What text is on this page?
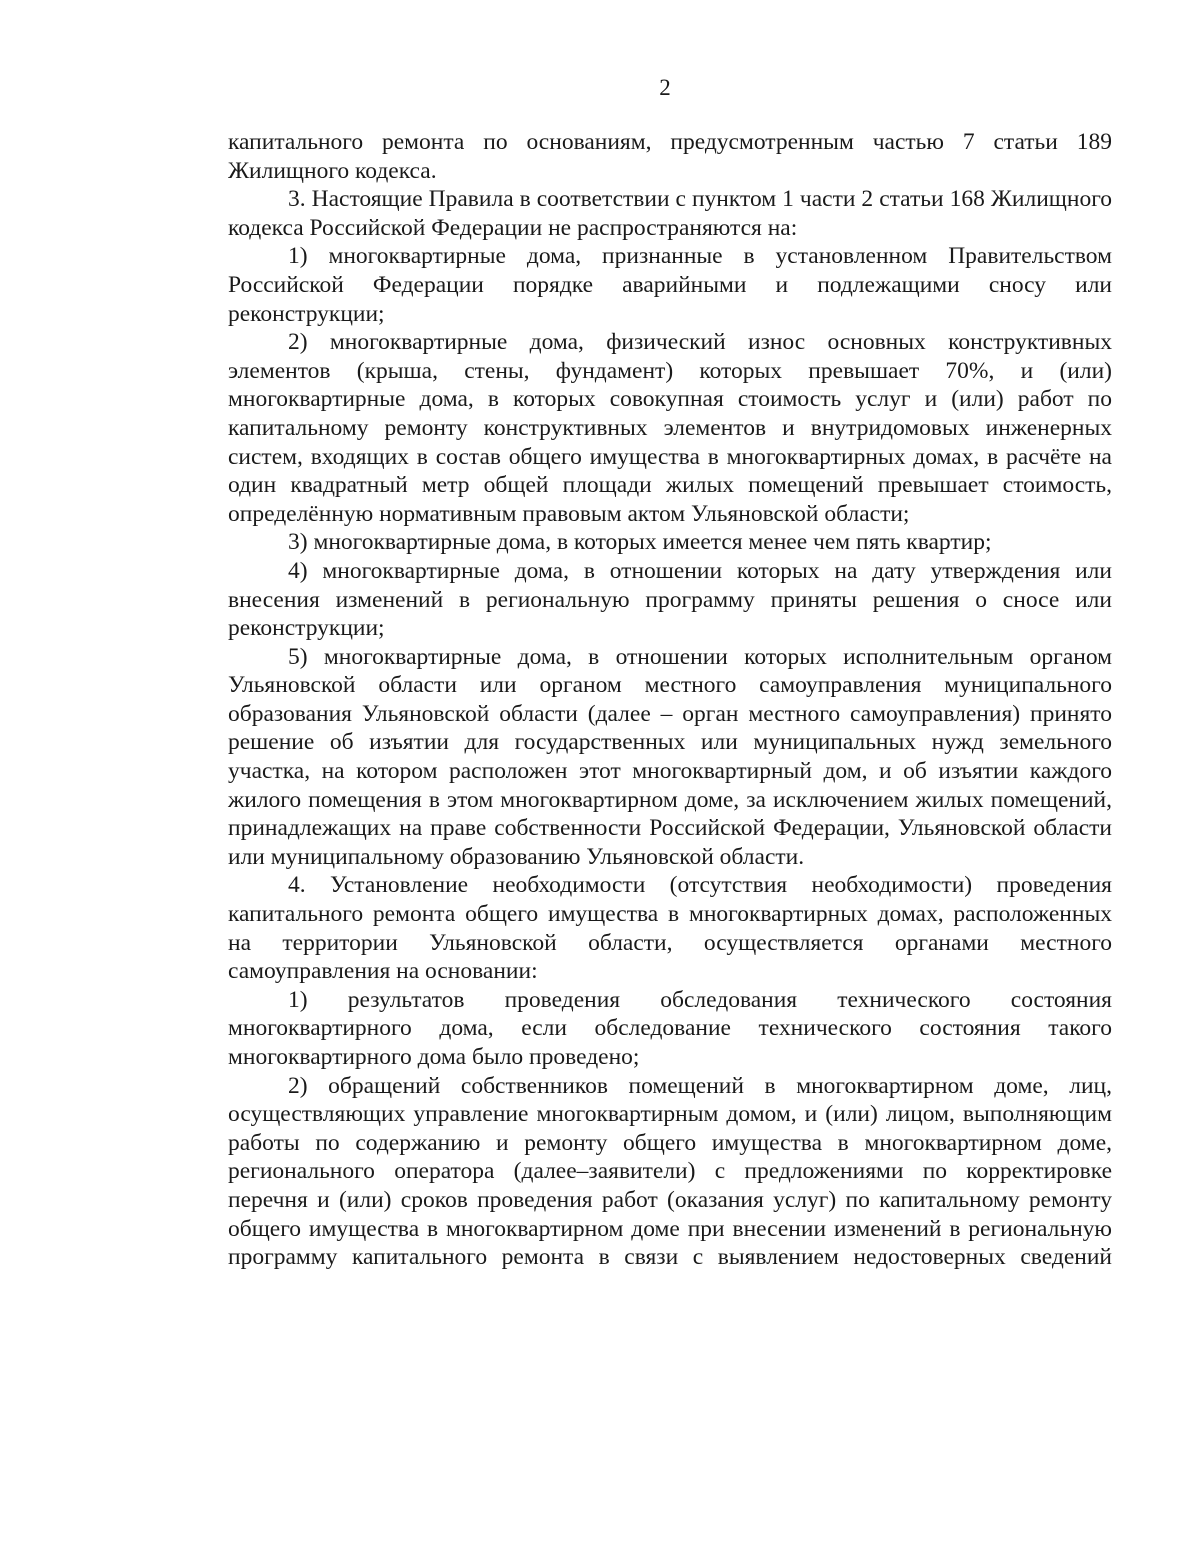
2

капитального ремонта по основаниям, предусмотренным частью 7 статьи 189 Жилищного кодекса.

3. Настоящие Правила в соответствии с пунктом 1 части 2 статьи 168 Жилищного кодекса Российской Федерации не распространяются на:

1) многоквартирные дома, признанные в установленном Правительством Российской Федерации порядке аварийными и подлежащими сносу или реконструкции;

2) многоквартирные дома, физический износ основных конструктивных элементов (крыша, стены, фундамент) которых превышает 70%, и (или) многоквартирные дома, в которых совокупная стоимость услуг и (или) работ по капитальному ремонту конструктивных элементов и внутридомовых инженерных систем, входящих в состав общего имущества в многоквартирных домах, в расчёте на один квадратный метр общей площади жилых помещений превышает стоимость, определённую нормативным правовым актом Ульяновской области;

3) многоквартирные дома, в которых имеется менее чем пять квартир;

4) многоквартирные дома, в отношении которых на дату утверждения или внесения изменений в региональную программу приняты решения о сносе или реконструкции;

5) многоквартирные дома, в отношении которых исполнительным органом Ульяновской области или органом местного самоуправления муниципального образования Ульяновской области (далее – орган местного самоуправления) принято решение об изъятии для государственных или муниципальных нужд земельного участка, на котором расположен этот многоквартирный дом, и об изъятии каждого жилого помещения в этом многоквартирном доме, за исключением жилых помещений, принадлежащих на праве собственности Российской Федерации, Ульяновской области или муниципальному образованию Ульяновской области.

4. Установление необходимости (отсутствия необходимости) проведения капитального ремонта общего имущества в многоквартирных домах, расположенных на территории Ульяновской области, осуществляется органами местного самоуправления на основании:

1) результатов проведения обследования технического состояния многоквартирного дома, если обследование технического состояния такого многоквартирного дома было проведено;

2) обращений собственников помещений в многоквартирном доме, лиц, осуществляющих управление многоквартирным домом, и (или) лицом, выполняющим работы по содержанию и ремонту общего имущества в многоквартирном доме, регионального оператора (далее–заявители) с предложениями по корректировке перечня и (или) сроков проведения работ (оказания услуг) по капитальному ремонту общего имущества в многоквартирном доме при внесении изменений в региональную программу капитального ремонта в связи с выявлением недостоверных сведений
